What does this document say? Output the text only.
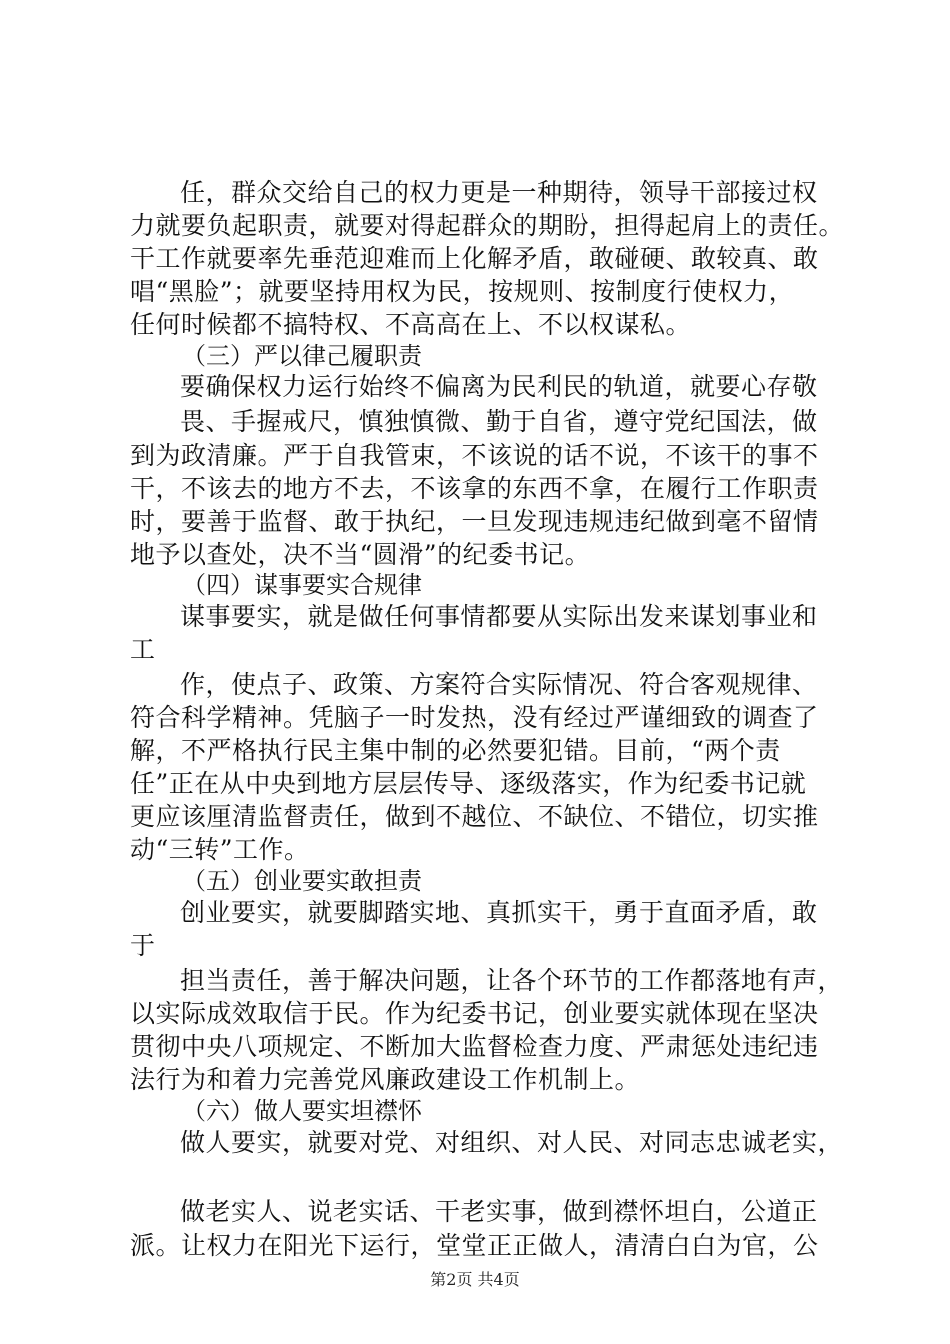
任，群众交给自己的权力更是一种期待，领导干部接过权
力就要负起职责，就要对得起群众的期盼，担得起肩上的责任。
干工作就要率先垂范迎难而上化解矛盾，敢碰硬、敢较真、敢
唱“黑脸”；就要坚持用权为民，按规则、按制度行使权力，
任何时候都不搞特权、不高高在上、不以权谋私。
（三）严以律己履职责
要确保权力运行始终不偏离为民利民的轨道，就要心存敬
畏、手握戒尺，慎独慎微、勤于自省，遵守党纪国法，做
到为政清廉。严于自我管束，不该说的话不说，不该干的事不
干，不该去的地方不去，不该拿的东西不拿，在履行工作职责
时，要善于监督、敢于执纪，一旦发现违规违纪做到毫不留情
地予以查处，决不当“圆滑”的纪委书记。
（四）谋事要实合规律
谋事要实，就是做任何事情都要从实际出发来谋划事业和
工
作，使点子、政策、方案符合实际情况、符合客观规律、
符合科学精神。凭脑子一时发热，没有经过严谨细致的调查了
解，不严格执行民主集中制的必然要犯错。目前，“两个责
任”正在从中央到地方层层传导、逐级落实，作为纪委书记就
更应该厘清监督责任，做到不越位、不缺位、不错位，切实推
动“三转”工作。
（五）创业要实敢担责
创业要实，就要脚踏实地、真抓实干，勇于直面矛盾，敢
于
担当责任，善于解决问题，让各个环节的工作都落地有声，
以实际成效取信于民。作为纪委书记，创业要实就体现在坚决
贯彻中央八项规定、不断加大监督检查力度、严肃惩处违纪违
法行为和着力完善党风廉政建设工作机制上。
（六）做人要实坦襟怀
做人要实，就要对党、对组织、对人民、对同志忠诚老实，
做老实人、说老实话、干老实事，做到襟怀坦白，公道正
派。让权力在阳光下运行，堂堂正正做人，清清白白为官，公
第2页 共4页
